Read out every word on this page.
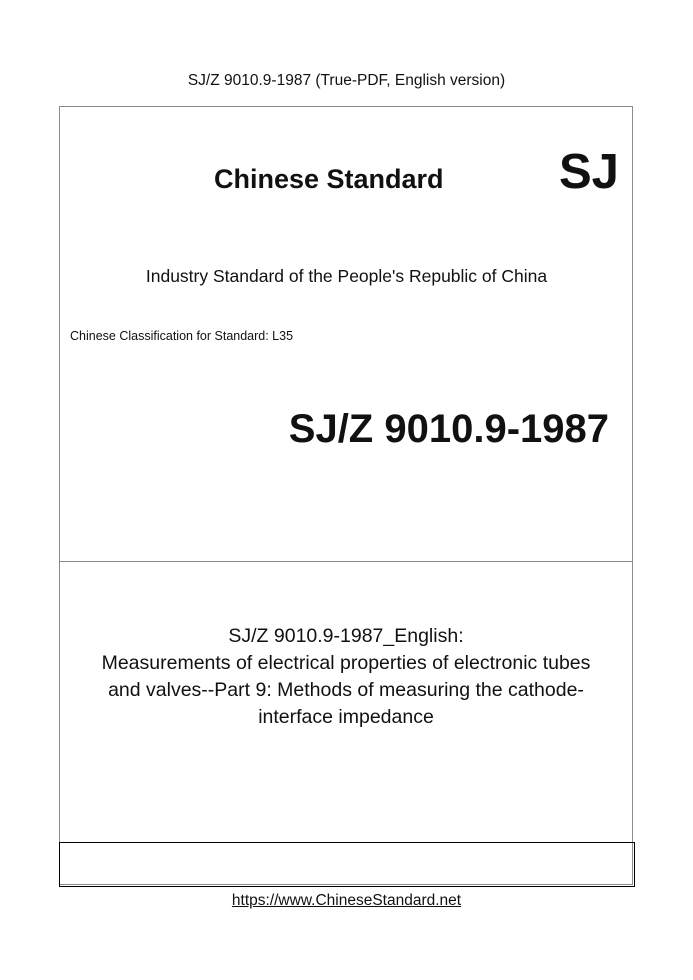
SJ/Z 9010.9-1987 (True-PDF, English version)
Chinese Standard SJ
Industry Standard of the People's Republic of China
Chinese Classification for Standard: L35
SJ/Z 9010.9-1987
SJ/Z 9010.9-1987_English:
Measurements of electrical properties of electronic tubes
and valves--Part 9: Methods of measuring the cathode-
interface impedance
https://www.ChineseStandard.net
